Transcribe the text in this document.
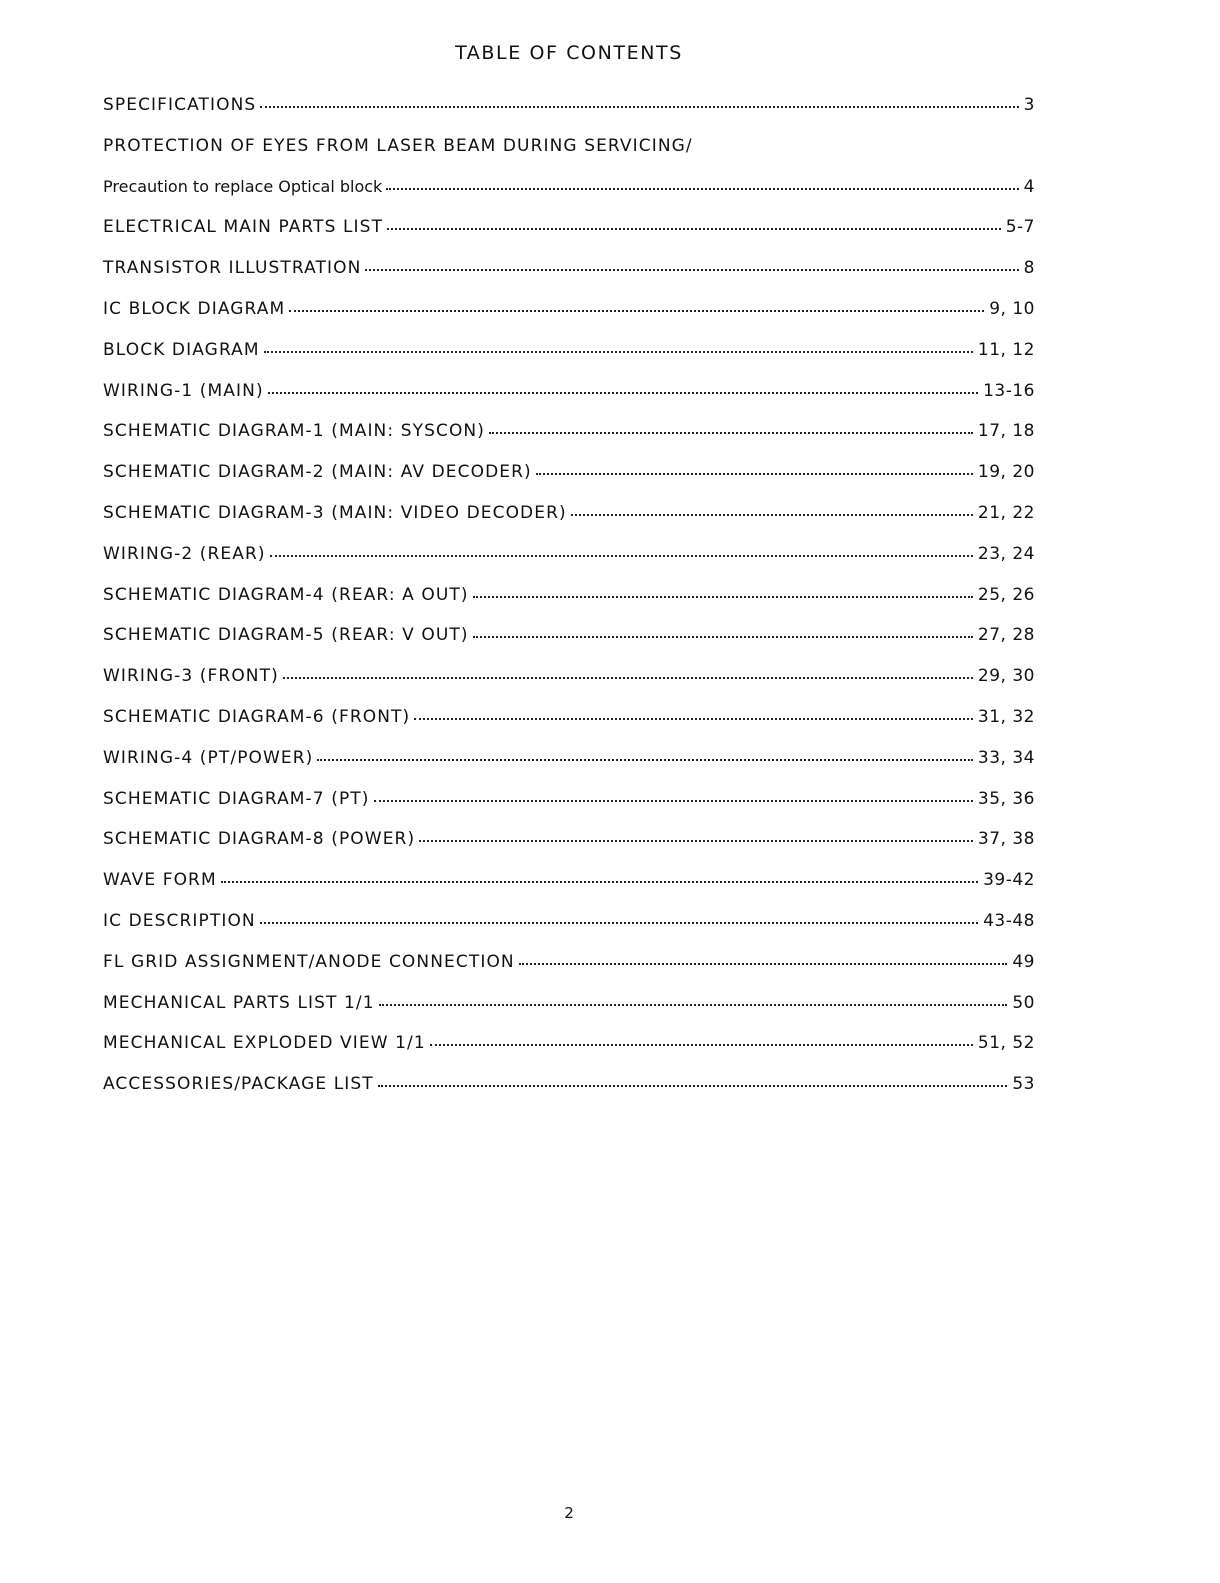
TABLE OF CONTENTS
SPECIFICATIONS	3
PROTECTION OF EYES FROM LASER BEAM DURING SERVICING/
Precaution to replace Optical block	4
ELECTRICAL MAIN PARTS LIST	5-7
TRANSISTOR ILLUSTRATION	8
IC BLOCK DIAGRAM	9, 10
BLOCK DIAGRAM	11, 12
WIRING-1 (MAIN)	13-16
SCHEMATIC DIAGRAM-1 (MAIN: SYSCON)	17, 18
SCHEMATIC DIAGRAM-2 (MAIN: AV DECODER)	19, 20
SCHEMATIC DIAGRAM-3 (MAIN: VIDEO DECODER)	21, 22
WIRING-2 (REAR)	23, 24
SCHEMATIC DIAGRAM-4 (REAR: A OUT)	25, 26
SCHEMATIC DIAGRAM-5 (REAR: V OUT)	27, 28
WIRING-3 (FRONT)	29, 30
SCHEMATIC DIAGRAM-6 (FRONT)	31, 32
WIRING-4 (PT/POWER)	33, 34
SCHEMATIC DIAGRAM-7 (PT)	35, 36
SCHEMATIC DIAGRAM-8 (POWER)	37, 38
WAVE FORM	39-42
IC DESCRIPTION	43-48
FL GRID ASSIGNMENT/ANODE CONNECTION	49
MECHANICAL PARTS LIST 1/1	50
MECHANICAL EXPLODED VIEW 1/1	51, 52
ACCESSORIES/PACKAGE LIST	53

2
